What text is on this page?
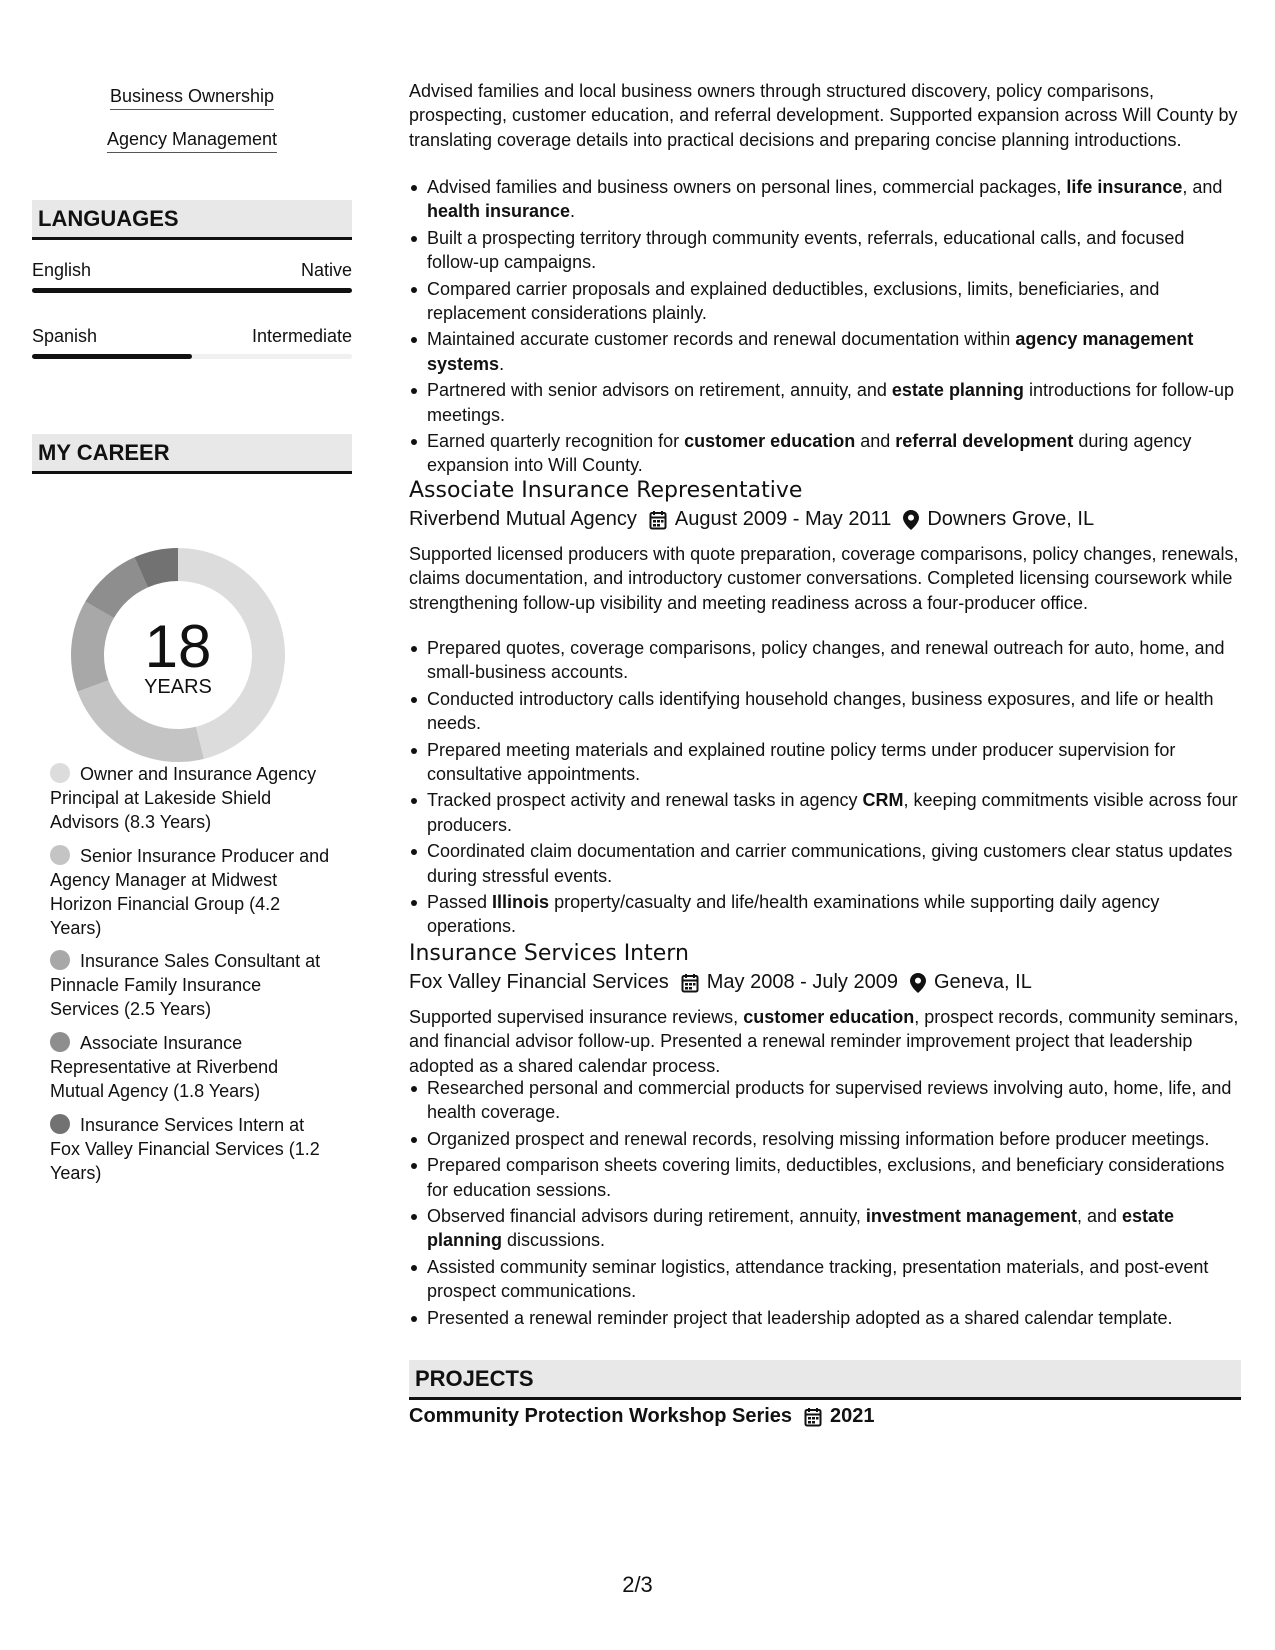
Business Ownership
Agency Management
LANGUAGES
English	Native
Spanish	Intermediate
MY CAREER
18
YEARS
Owner and Insurance Agency Principal at Lakeside Shield Advisors (8.3 Years)
Senior Insurance Producer and Agency Manager at Midwest Horizon Financial Group (4.2 Years)
Insurance Sales Consultant at Pinnacle Family Insurance Services (2.5 Years)
Associate Insurance Representative at Riverbend Mutual Agency (1.8 Years)
Insurance Services Intern at Fox Valley Financial Services (1.2 Years)
Advised families and local business owners through structured discovery, policy comparisons, prospecting, customer education, and referral development. Supported expansion across Will County by translating coverage details into practical decisions and preparing concise planning introductions.
Advised families and business owners on personal lines, commercial packages, life insurance, and health insurance.
Built a prospecting territory through community events, referrals, educational calls, and focused follow-up campaigns.
Compared carrier proposals and explained deductibles, exclusions, limits, beneficiaries, and replacement considerations plainly.
Maintained accurate customer records and renewal documentation within agency management systems.
Partnered with senior advisors on retirement, annuity, and estate planning introductions for follow-up meetings.
Earned quarterly recognition for customer education and referral development during agency expansion into Will County.
Associate Insurance Representative
Riverbend Mutual Agency August 2009 - May 2011 Downers Grove, IL
Supported licensed producers with quote preparation, coverage comparisons, policy changes, renewals, claims documentation, and introductory customer conversations. Completed licensing coursework while strengthening follow-up visibility and meeting readiness across a four-producer office.
Prepared quotes, coverage comparisons, policy changes, and renewal outreach for auto, home, and small-business accounts.
Conducted introductory calls identifying household changes, business exposures, and life or health needs.
Prepared meeting materials and explained routine policy terms under producer supervision for consultative appointments.
Tracked prospect activity and renewal tasks in agency CRM, keeping commitments visible across four producers.
Coordinated claim documentation and carrier communications, giving customers clear status updates during stressful events.
Passed Illinois property/casualty and life/health examinations while supporting daily agency operations.
Insurance Services Intern
Fox Valley Financial Services May 2008 - July 2009 Geneva, IL
Supported supervised insurance reviews, customer education, prospect records, community seminars, and financial advisor follow-up. Presented a renewal reminder improvement project that leadership adopted as a shared calendar process.
Researched personal and commercial products for supervised reviews involving auto, home, life, and health coverage.
Organized prospect and renewal records, resolving missing information before producer meetings.
Prepared comparison sheets covering limits, deductibles, exclusions, and beneficiary considerations for education sessions.
Observed financial advisors during retirement, annuity, investment management, and estate planning discussions.
Assisted community seminar logistics, attendance tracking, presentation materials, and post-event prospect communications.
Presented a renewal reminder project that leadership adopted as a shared calendar template.
PROJECTS
Community Protection Workshop Series 2021
2/3
